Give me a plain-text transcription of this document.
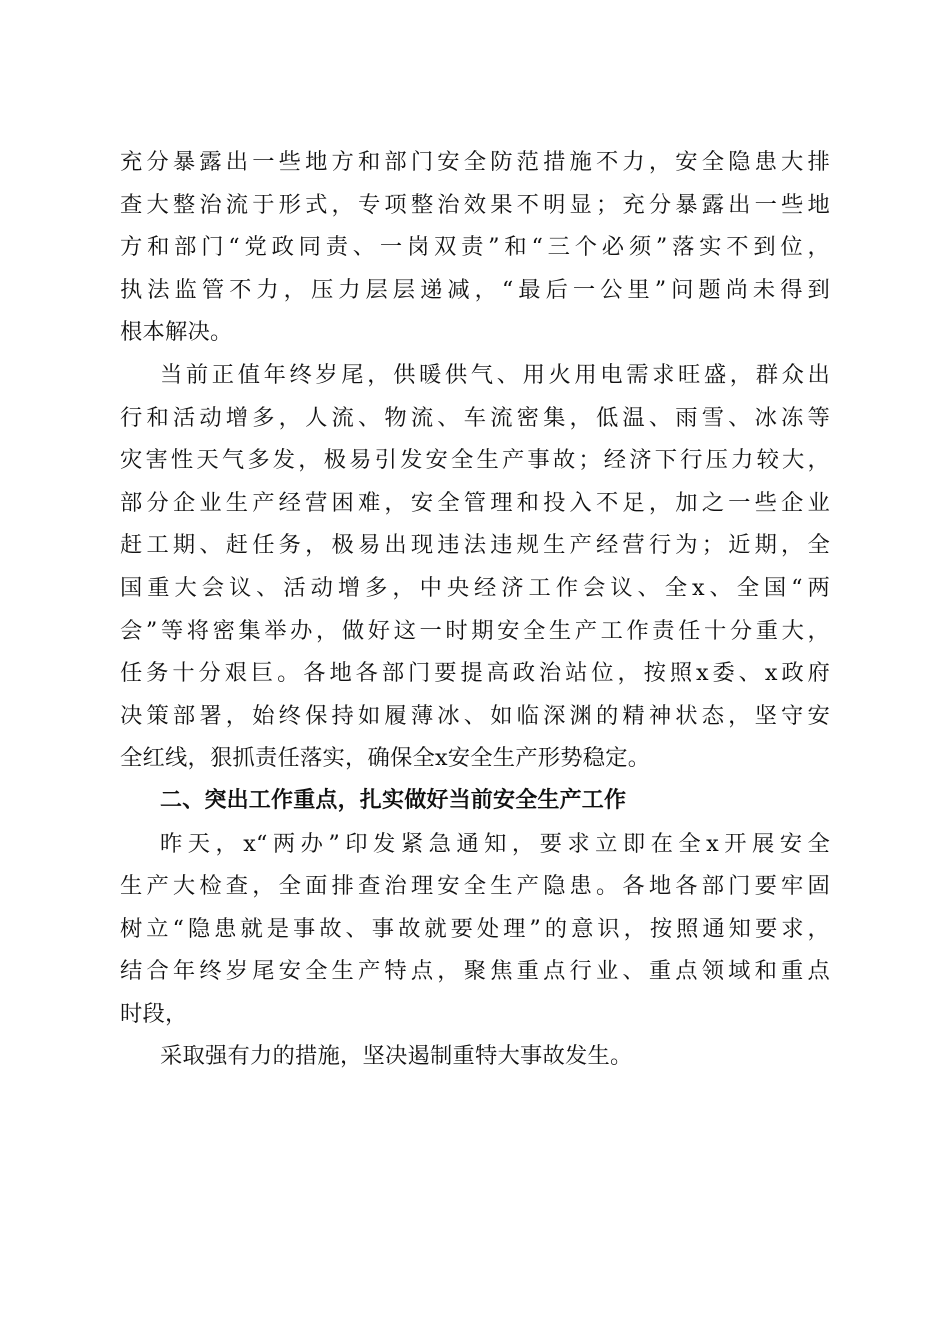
充分暴露出一些地方和部门安全防范措施不力，安全隐患大排
查大整治流于形式，专项整治效果不明显；充分暴露出一些地
方和部门“党政同责、一岗双责”和“三个必须”落实不到位，
执法监管不力，压力层层递减，“最后一公里”问题尚未得到
根本解决。
当前正值年终岁尾，供暖供气、用火用电需求旺盛，群众出
行和活动增多，人流、物流、车流密集，低温、雨雪、冰冻等
灾害性天气多发，极易引发安全生产事故；经济下行压力较大，
部分企业生产经营困难，安全管理和投入不足，加之一些企业
赶工期、赶任务，极易出现违法违规生产经营行为；近期，全
国重大会议、活动增多，中央经济工作会议、全x、全国“两
会”等将密集举办，做好这一时期安全生产工作责任十分重大，
任务十分艰巨。各地各部门要提高政治站位，按照x委、x政府
决策部署，始终保持如履薄冰、如临深渊的精神状态，坚守安
全红线，狠抓责任落实，确保全x安全生产形势稳定。
二、突出工作重点，扎实做好当前安全生产工作
昨天，x“两办”印发紧急通知，要求立即在全x开展安全
生产大检查，全面排查治理安全生产隐患。各地各部门要牢固
树立“隐患就是事故、事故就要处理”的意识，按照通知要求，
结合年终岁尾安全生产特点，聚焦重点行业、重点领域和重点
时段，
采取强有力的措施，坚决遏制重特大事故发生。
